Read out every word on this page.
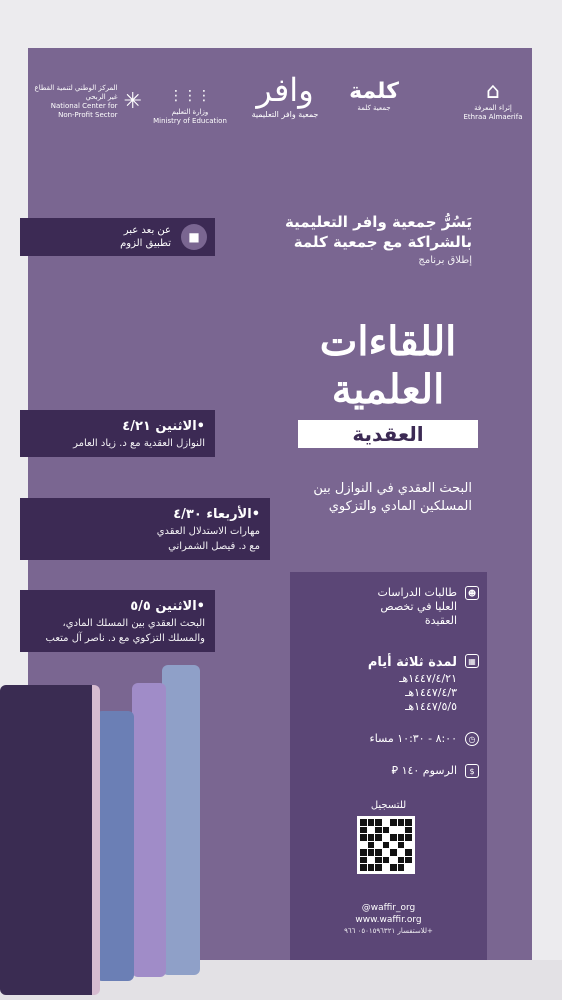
⌂
إثراء المعرفة
Ethraa Almaerifa
كلمة
جمعية كلمة
وافر
جمعية وافر التعليمية
⋮⋮⋮
وزارة التعليم
Ministry of Education
المركز الوطني لتنمية القطاع غير الربحي
National Center for
Non-Profit Sector
✳
يَسُرُّ جمعية وافر التعليمية
بالشراكة مع جمعية كلمة
إطلاق برنامج
■
عن بعد عبر
تطبيق الزوم
اللقاءات
العلمية
العقدية
البحث العقدي في النوازل بين
المسلكين المادي والتزكوي
•الاثنين ٤/٢١
النوازل العقدية مع د. زياد العامر
•الأربعاء ٤/٣٠
مهارات الاستدلال العقدي
مع د. فيصل الشمراني
•الاثنين ٥/٥
البحث العقدي بين المسلك المادي،
والمسلك التزكوي مع د. ناصر آل متعب
☻
طالبات الدراسات
العليا في تخصص
العقيدة
▦
لمدة ثلاثة أيام
١٤٤٧/٤/٢١هـ
١٤٤٧/٤/٣هـ
١٤٤٧/٥/٥هـ
◷
٨:٠٠ - ١٠:٣٠ مساء
$
الرسوم ١٤٠ ⃁
للتسجيل
@waffir_org
www.waffir.org
للاستفسار ٠٥٠١٥٩٦٣٢١ ٩٦٦+
